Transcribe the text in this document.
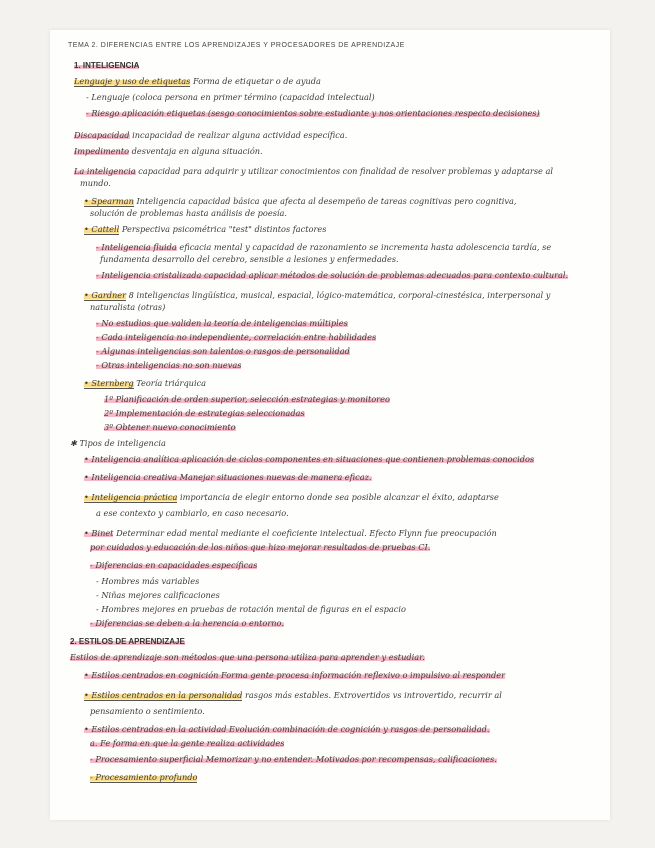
TEMA 2. DIFERENCIAS ENTRE LOS APRENDIZAJES Y PROCESADORES DE APRENDIZAJE
1. INTELIGENCIA
Lenguaje y uso de etiquetas Forma de etiquetar o de ayuda
- Lenguaje (coloca persona en primer término (capacidad intelectual)
- Riesgo aplicación etiquetas (sesgo conocimientos sobre estudiante y nos orientaciones respecto decisiones)
Discapacidad incapacidad de realizar alguna actividad específica.
Impedimento desventaja en alguna situación.
La inteligencia capacidad para adquirir y utilizar conocimientos con finalidad de resolver problemas y adaptarse al
mundo.
• Spearman Inteligencia capacidad básica que afecta al desempeño de tareas cognitivas pero cognitiva,
solución de problemas hasta análisis de poesía.
• Cattell Perspectiva psicométrica "test" distintos factores
- Inteligencia fluida eficacia mental y capacidad de razonamiento se incrementa hasta adolescencia tardía, se
fundamenta desarrollo del cerebro, sensible a lesiones y enfermedades.
- Inteligencia cristalizada capacidad aplicar métodos de solución de problemas adecuados para contexto cultural.
• Gardner 8 inteligencias lingüística, musical, espacial, lógico-matemática, corporal-cinestésica, interpersonal y
naturalista (otras)
- No estudios que validen la teoría de inteligencias múltiples
- Cada inteligencia no independiente, correlación entre habilidades
- Algunas inteligencias son talentos o rasgos de personalidad
- Otras inteligencias no son nuevas
• Sternberg Teoría triárquica
1º Planificación de orden superior, selección estrategias y monitoreo
2º Implementación de estrategias seleccionadas
3º Obtener nuevo conocimiento
✱ Tipos de inteligencia
• Inteligencia analítica aplicación de ciclos componentes en situaciones que contienen problemas conocidos
• Inteligencia creativa Manejar situaciones nuevas de manera eficaz.
• Inteligencia práctica importancia de elegir entorno donde sea posible alcanzar el éxito, adaptarse
a ese contexto y cambiarlo, en caso necesario.
• Binet Determinar edad mental mediante el coeficiente intelectual. Efecto Flynn fue preocupación
por cuidados y educación de los niños que hizo mejorar resultados de pruebas CI.
- Diferencias en capacidades específicas
- Hombres más variables
- Niñas mejores calificaciones
- Hombres mejores en pruebas de rotación mental de figuras en el espacio
- Diferencias se deben a la herencia o entorno.
2. ESTILOS DE APRENDIZAJE
Estilos de aprendizaje son métodos que una persona utiliza para aprender y estudiar.
• Estilos centrados en cognición Forma gente procesa información reflexivo o impulsivo al responder
• Estilos centrados en la personalidad rasgos más estables. Extrovertidos vs introvertido, recurrir al
pensamiento o sentimiento.
• Estilos centrados en la actividad Evolución combinación de cognición y rasgos de personalidad.
a. Fe forma en que la gente realiza actividades
- Procesamiento superficial Memorizar y no entender. Motivados por recompensas, calificaciones.
- Procesamiento profundo
